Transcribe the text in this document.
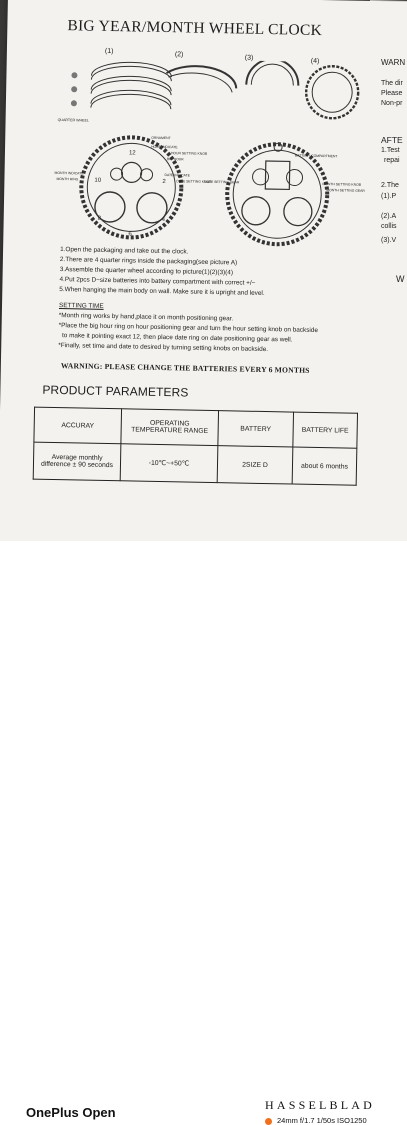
BIG YEAR/MONTH WHEEL CLOCK
(1)	(2)	(3)	(4)
QUARTER WHEEL
12
10	2
8	4
6
ORNAMENT
HOUR INDICATE
HOUR SETTING KNOB
BIG HOUR
MONTH INDICATE
MONTH RING
DATE INDICATE
DATE SETTING KNOB
BATTERY COMPARTMENT
DATE SETTING GEAR	MONTH SETTING KNOB
MONTH SETTING GEAR
1.Open the packaging and take out the clock.
2.There are 4 quarter rings inside the packaging(see picture A)
3.Assemble the quarter wheel according to picture(1)(2)(3)(4)
4.Put 2pcs D~size batteries into battery compartment with correct +/−
5.When hanging the main body on wall. Make sure it is upright and level.
SETTING TIME
*Month ring works by hand,place it on month positioning gear.
*Place the big hour ring on hour positioning gear and turn the hour setting knob on backside
to make it pointing exact 12, then place date ring on date positioning gear as well.
*Finally, set time and date to desired by turning setting knobs on backside.
WARNING: PLEASE CHANGE THE BATTERIES EVERY 6 MONTHS
PRODUCT PARAMETERS
ACCURAY	OPERATING TEMPERATURE RANGE	BATTERY	BATTERY LIFE
Average monthly difference ± 90 seconds	-10℃~+50℃	2SIZE D	about 6 months
WARN
The dir
Please
Non-pr
AFTE
1.Test
repai
2.The
(1).P
(2).A
collis
(3).V
W
OnePlus Open	HASSELBLAD
24mm f/1.7 1/50s ISO1250
